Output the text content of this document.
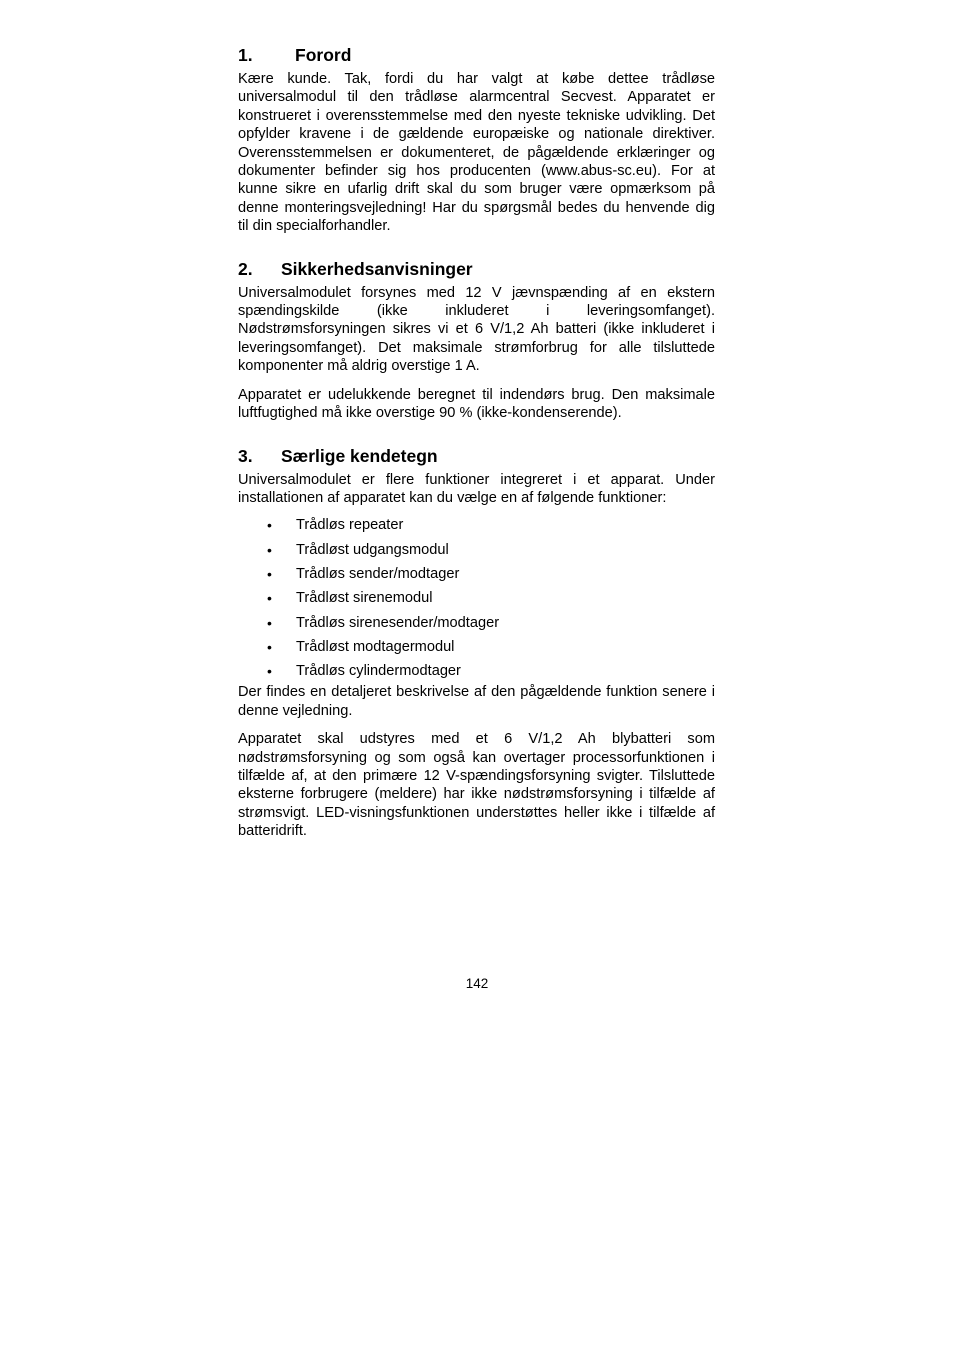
1.	Forord

Kære kunde. Tak, fordi du har valgt at købe dettee trådløse universalmodul til den trådløse alarmcentral Secvest. Apparatet er konstrueret i overensstemmelse med den nyeste tekniske udvikling. Det opfylder kravene i de gældende europæiske og nationale direktiver. Overensstemmelsen er dokumenteret, de pågældende erklæringer og dokumenter befinder sig hos producenten (www.abus-sc.eu). For at kunne sikre en ufarlig drift skal du som bruger være opmærksom på denne monteringsvejledning! Har du spørgsmål bedes du henvende dig til din specialforhandler.

2.	Sikkerhedsanvisninger

Universalmodulet forsynes med 12 V jævnspænding af en ekstern spændingskilde (ikke inkluderet i leveringsomfanget). Nødstrømsforsyningen sikres vi et 6 V/1,2 Ah batteri (ikke inkluderet i leveringsomfanget). Det maksimale strømforbrug for alle tilsluttede komponenter må aldrig overstige 1 A.

Apparatet er udelukkende beregnet til indendørs brug. Den maksimale luftfugtighed må ikke overstige 90 % (ikke-kondenserende).

3.	Særlige kendetegn

Universalmodulet er flere funktioner integreret i et apparat. Under installationen af apparatet kan du vælge en af følgende funktioner:

• Trådløs repeater
• Trådløst udgangsmodul
• Trådløs sender/modtager
• Trådløst sirenemodul
• Trådløs sirenesender/modtager
• Trådløst modtagermodul
• Trådløs cylindermodtager

Der findes en detaljeret beskrivelse af den pågældende funktion senere i denne vejledning.

Apparatet skal udstyres med et 6 V/1,2 Ah blybatteri som nødstrømsforsyning og som også kan overtager processorfunktionen i tilfælde af, at den primære 12 V-spændingsforsyning svigter. Tilsluttede eksterne forbrugere (meldere) har ikke nødstrømsforsyning i tilfælde af strømsvigt. LED-visningsfunktionen understøttes heller ikke i tilfælde af batteridrift.

142
